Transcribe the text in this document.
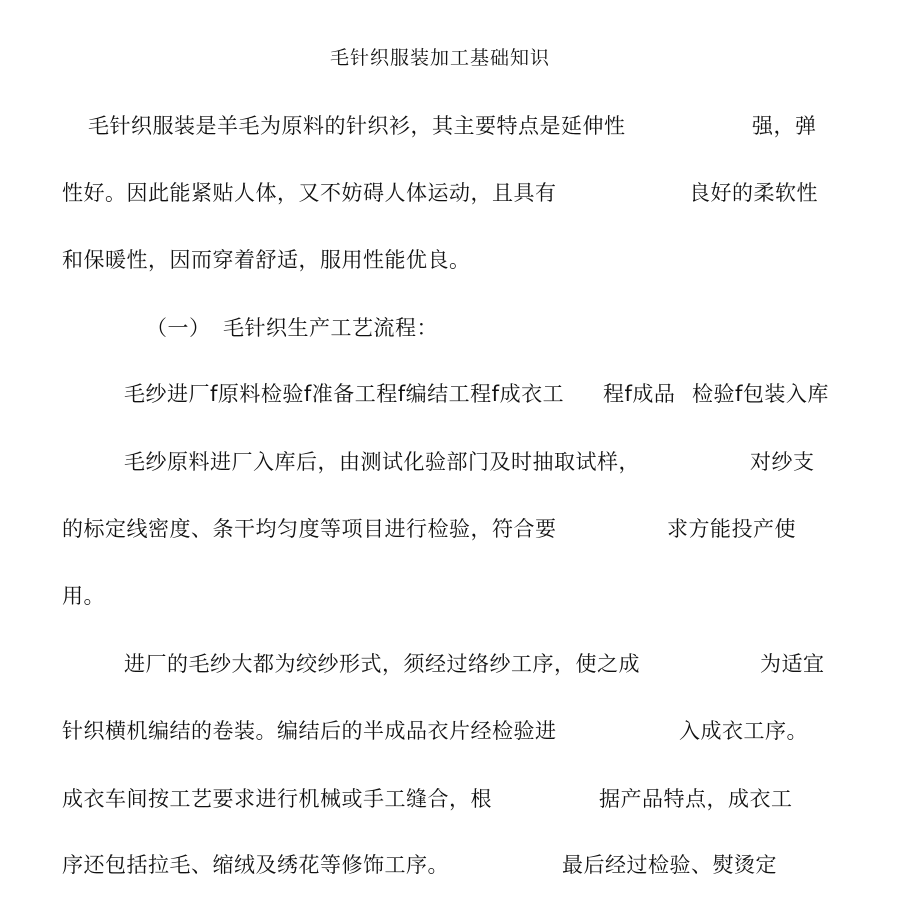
毛针织服装加工基础知识
毛针织服装是羊毛为原料的针织衫，其主要特点是延伸性	强，弹
性好。因此能紧贴人体，又不妨碍人体运动，且具有	良好的柔软性
和保暖性，因而穿着舒适，服用性能优良。
（一） 毛针织生产工艺流程：
毛纱进厂f原料检验f准备工程f编结工程f成衣工 程f成品 检验f包装入库
毛纱原料进厂入库后，由测试化验部门及时抽取试样，	对纱支
的标定线密度、条干均匀度等项目进行检验，符合要	求方能投产使
用。
进厂的毛纱大都为绞纱形式，须经过络纱工序，使之成	为适宜
针织横机编结的卷装。编结后的半成品衣片经检验进	入成衣工序。
成衣车间按工艺要求进行机械或手工缝合，根	据产品特点，成衣工
序还包括拉毛、缩绒及绣花等修饰工序。	最后经过检验、熨烫定
